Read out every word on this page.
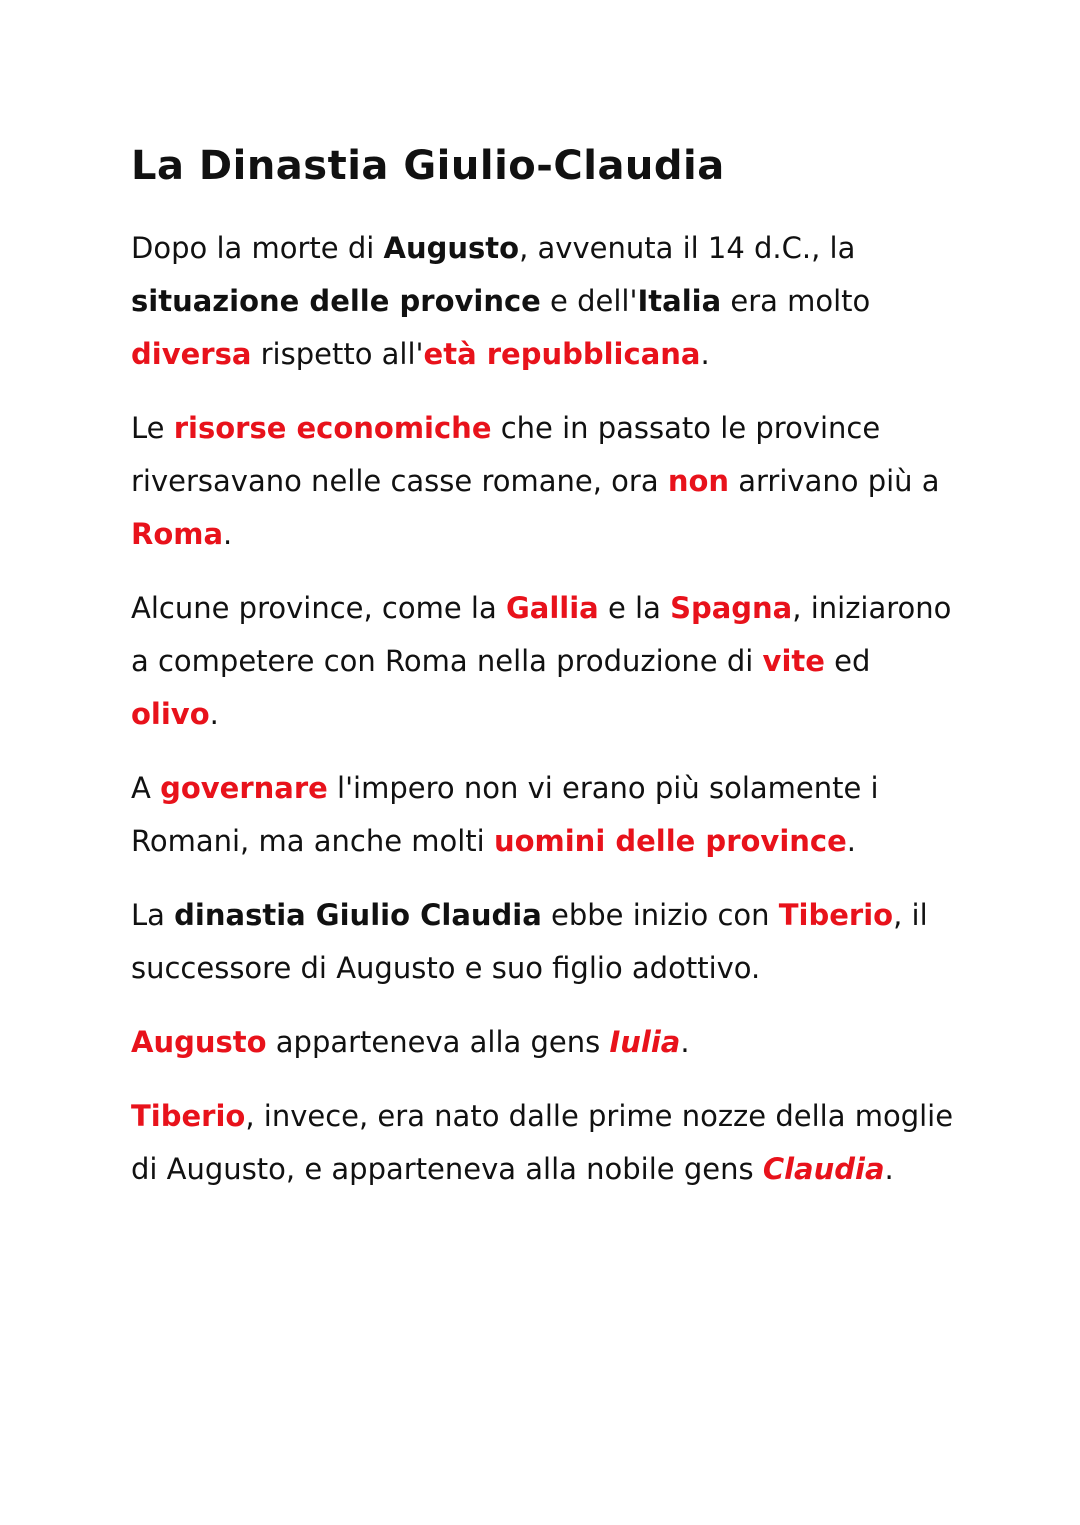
La Dinastia Giulio-Claudia

Dopo la morte di Augusto, avvenuta il 14 d.C., la situazione delle province e dell'Italia era molto diversa rispetto all'età repubblicana.

Le risorse economiche che in passato le province riversavano nelle casse romane, ora non arrivano più a Roma.

Alcune province, come la Gallia e la Spagna, iniziarono a competere con Roma nella produzione di vite ed olivo.

A governare l'impero non vi erano più solamente i Romani, ma anche molti uomini delle province.

La dinastia Giulio Claudia ebbe inizio con Tiberio, il successore di Augusto e suo figlio adottivo.

Augusto apparteneva alla gens Iulia.

Tiberio, invece, era nato dalle prime nozze della moglie di Augusto, e apparteneva alla nobile gens Claudia.
